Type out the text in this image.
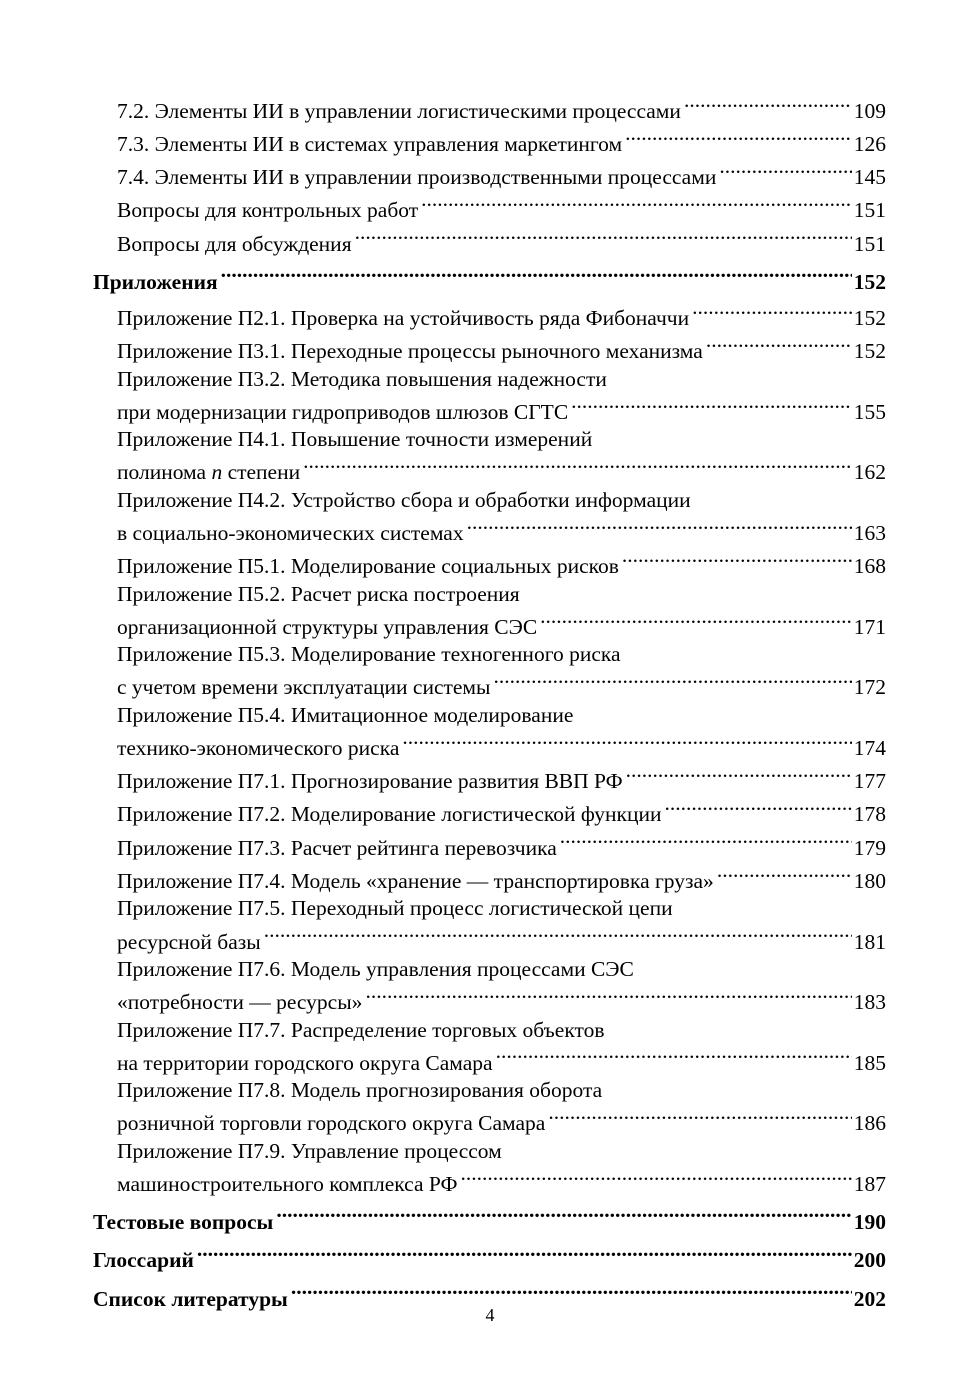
7.2. Элементы ИИ в управлении логистическими процессами .....	109
7.3. Элементы ИИ в системах управления маркетингом .....	126
7.4. Элементы ИИ в управлении производственными процессами .....	145
Вопросы для контрольных работ .....	151
Вопросы для обсуждения .....	151
Приложения .....	152
Приложение П2.1. Проверка на устойчивость ряда Фибоначчи .....	152
Приложение П3.1. Переходные процессы рыночного механизма .....	152
Приложение П3.2. Методика повышения надежности
при модернизации гидроприводов шлюзов СГТС .....	155
Приложение П4.1. Повышение точности измерений
полинома n степени .....	162
Приложение П4.2. Устройство сбора и обработки информации
в социально-экономических системах .....	163
Приложение П5.1. Моделирование социальных рисков .....	168
Приложение П5.2. Расчет риска построения
организационной структуры управления СЭС .....	171
Приложение П5.3. Моделирование техногенного риска
с учетом времени эксплуатации системы .....	172
Приложение П5.4. Имитационное моделирование
технико-экономического риска .....	174
Приложение П7.1. Прогнозирование развития ВВП РФ .....	177
Приложение П7.2. Моделирование логистической функции .....	178
Приложение П7.3. Расчет рейтинга перевозчика .....	179
Приложение П7.4. Модель «хранение — транспортировка груза» .....	180
Приложение П7.5. Переходный процесс логистической цепи
ресурсной базы .....	181
Приложение П7.6. Модель управления процессами СЭС
«потребности — ресурсы» .....	183
Приложение П7.7. Распределение торговых объектов
на территории городского округа Самара .....	185
Приложение П7.8. Модель прогнозирования оборота
розничной торговли городского округа Самара .....	186
Приложение П7.9. Управление процессом
машиностроительного комплекса РФ .....	187
Тестовые вопросы .....	190
Глоссарий .....	200
Список литературы .....	202
4
